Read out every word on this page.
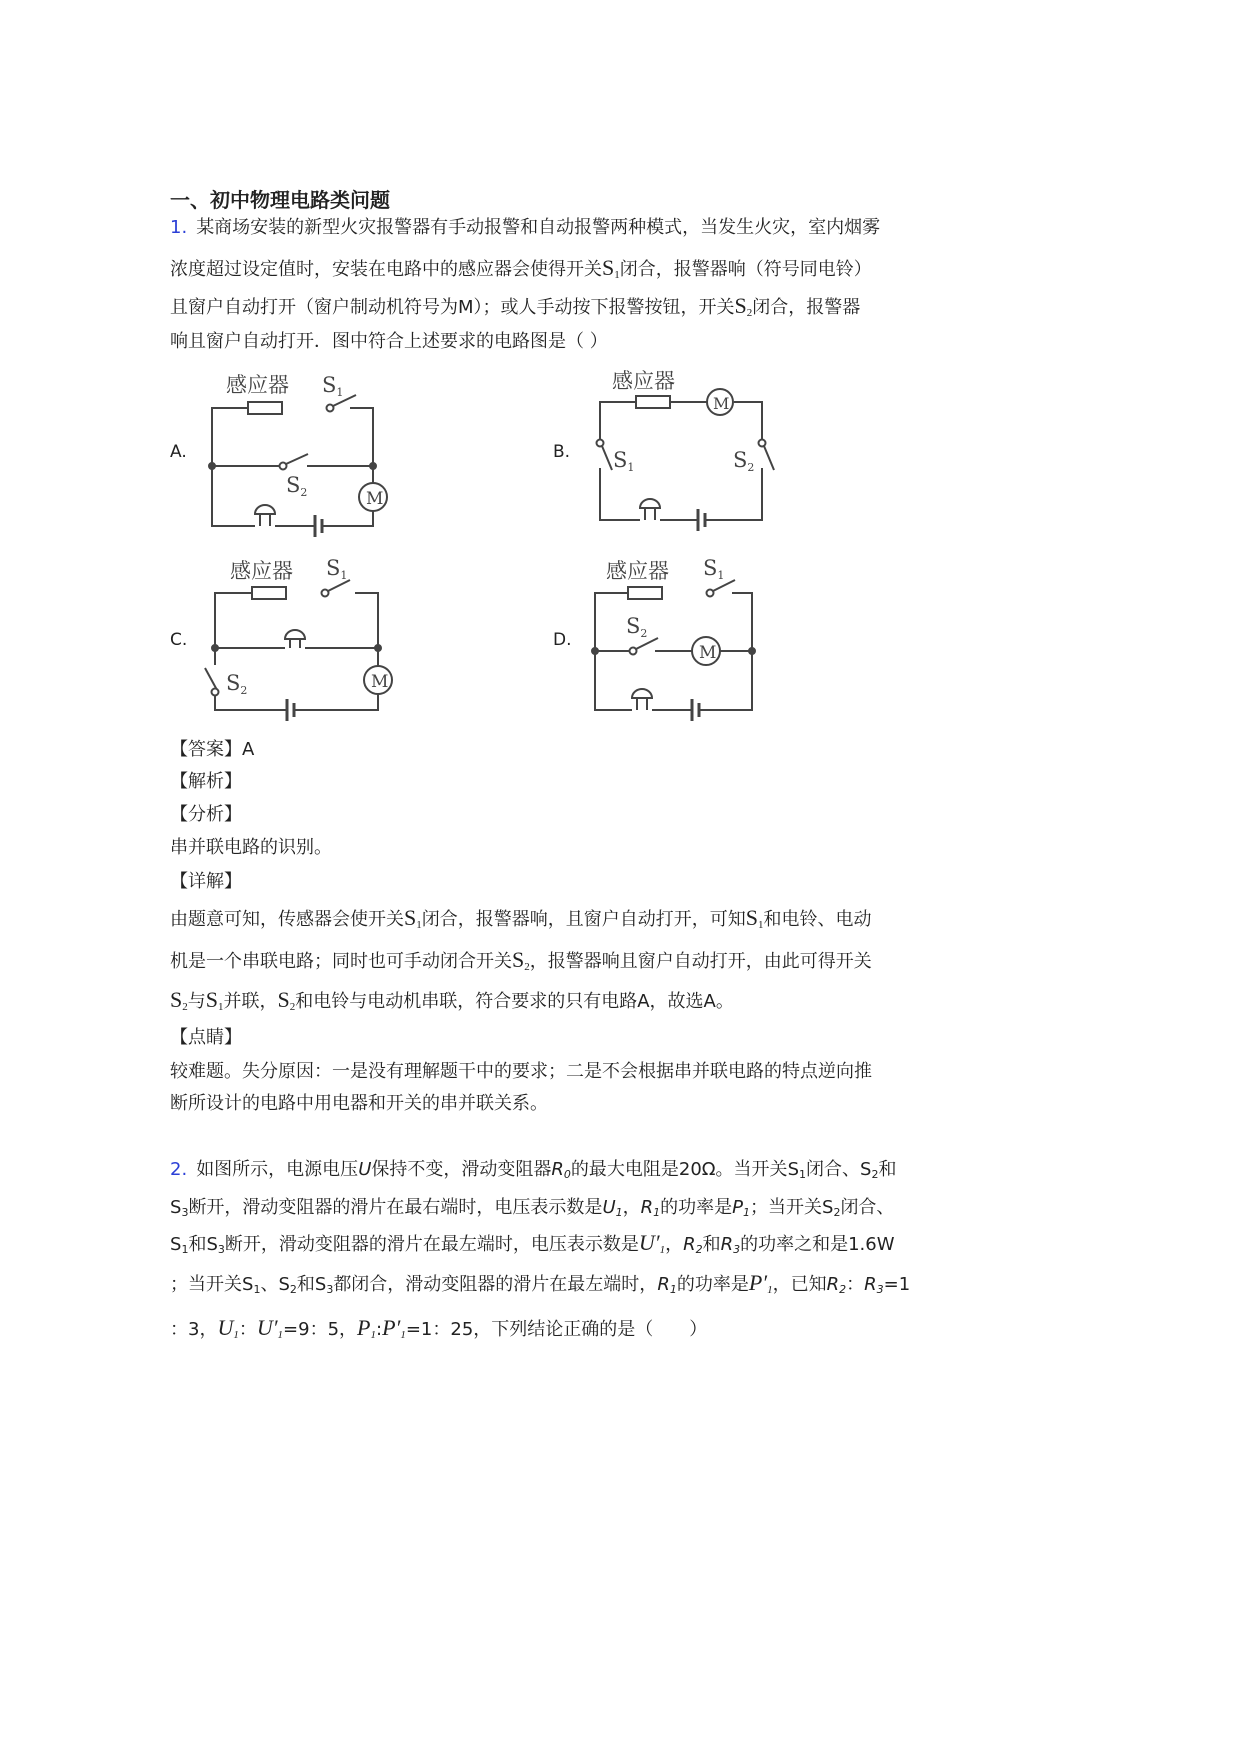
一、初中物理电路类问题
1.  某商场安装的新型火灾报警器有手动报警和自动报警两种模式，当发生火灾，室内烟雾
浓度超过设定值时，安装在电路中的感应器会使得开关$S_1$闭合，报警器响（符号同电铃）
且窗户自动打开（窗户制动机符号为M）；或人手动按下报警按钮，开关$S_2$闭合，报警器
响且窗户自动打开．图中符合上述要求的电路图是（ ）
【答案】A
【解析】
【分析】
串并联电路的识别。
【详解】
由题意可知，传感器会使开关$S_1$闭合，报警器响，且窗户自动打开，可知$S_1$和电铃、电动
机是一个串联电路；同时也可手动闭合开关$S_2$，报警器响且窗户自动打开，由此可得开关
$S_2$与$S_1$并联，$S_2$和电铃与电动机串联，符合要求的只有电路A，故选A。
【点睛】
较难题。失分原因：一是没有理解题干中的要求；二是不会根据串并联电路的特点逆向推
断所设计的电路中用电器和开关的串并联关系。
2.  如图所示，电源电压U保持不变，滑动变阻器$R_0$的最大电阻是20Ω。当开关$S_1$闭合、$S_2$和
$S_3$断开，滑动变阻器的滑片在最右端时，电压表示数是$U_1$，$R_1$的功率是$P_1$；当开关$S_2$闭合、
$S_1$和$S_3$断开，滑动变阻器的滑片在最左端时，电压表示数是$U'_1$，$R_2$和$R_3$的功率之和是1.6W
；当开关$S_1$、$S_2$和$S_3$都闭合，滑动变阻器的滑片在最左端时，$R_1$的功率是$P'_1$，已知$R_2$：$R_3=1$
：3，$U_1$：$U'_1=9$：5，$P_1:P'_1=1$：25，下列结论正确的是（　　）
A.	B.
C.	D.
感应器 S1
S2	M
感应器
S1	S2
M
感应器 S1
S2	M
感应器 S1
S2
M
